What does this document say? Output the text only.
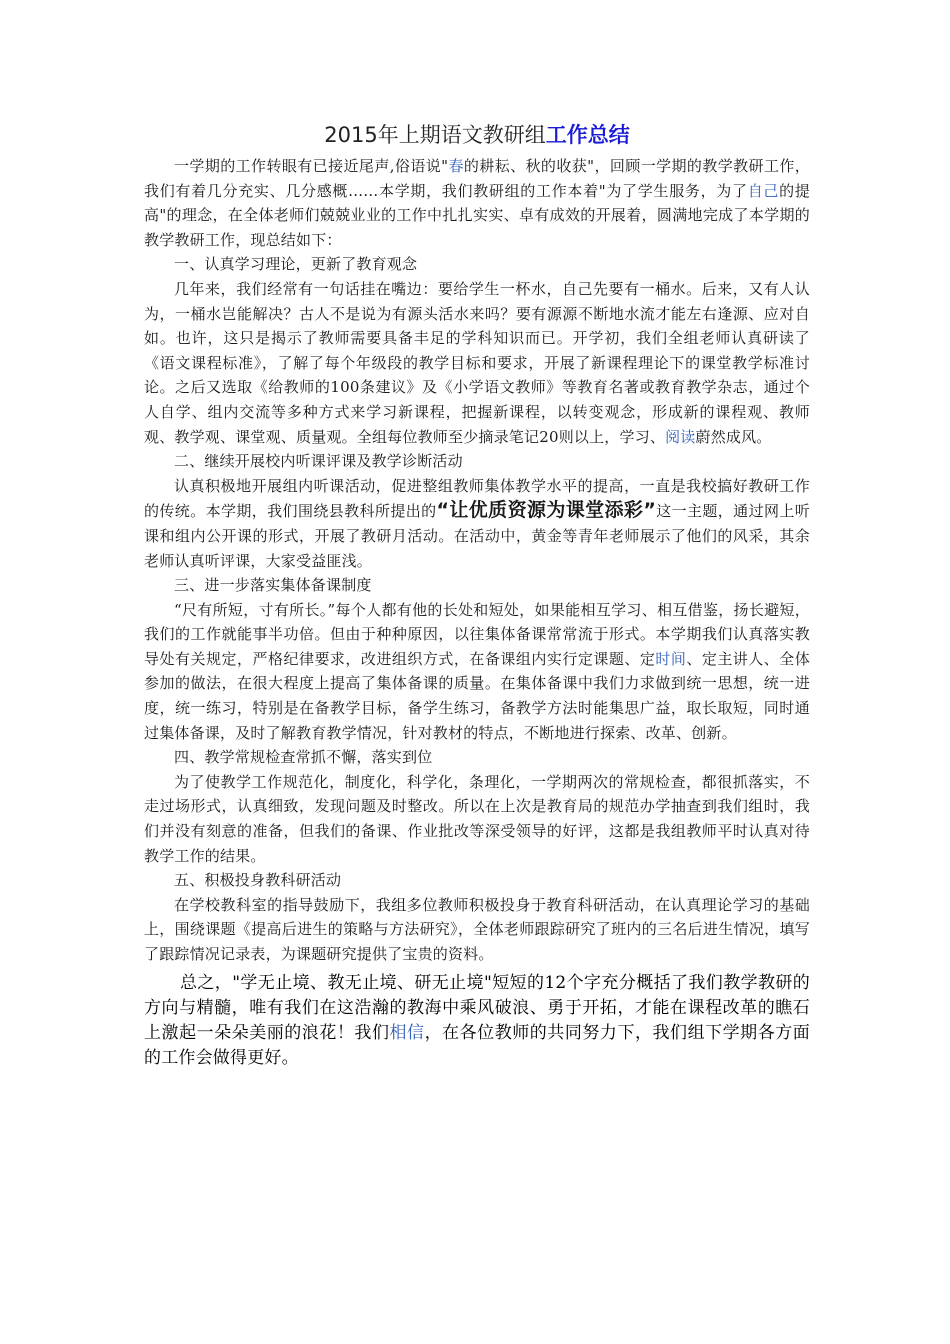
2015年上期语文教研组工作总结

一学期的工作转眼有已接近尾声,俗语说"春的耕耘、秋的收获"，回顾一学期的教学教研工作，我们有着几分充实、几分感概……本学期，我们教研组的工作本着"为了学生服务，为了自己的提高"的理念，在全体老师们兢兢业业的工作中扎扎实实、卓有成效的开展着，圆满地完成了本学期的教学教研工作，现总结如下：

一、认真学习理论，更新了教育观念

几年来，我们经常有一句话挂在嘴边：要给学生一杯水，自己先要有一桶水。后来，又有人认为，一桶水岂能解决？古人不是说为有源头活水来吗？要有源源不断地水流才能左右逢源、应对自如。也许，这只是揭示了教师需要具备丰足的学科知识而已。开学初，我们全组老师认真研读了《语文课程标准》，了解了每个年级段的教学目标和要求，开展了新课程理论下的课堂教学标准讨论。之后又选取《给教师的100条建议》及《小学语文教师》等教育名著或教育教学杂志，通过个人自学、组内交流等多种方式来学习新课程，把握新课程，以转变观念，形成新的课程观、教师观、教学观、课堂观、质量观。全组每位教师至少摘录笔记20则以上，学习、阅读蔚然成风。

二、继续开展校内听课评课及教学诊断活动

认真积极地开展组内听课活动，促进整组教师集体教学水平的提高，一直是我校搞好教研工作的传统。本学期，我们围绕县教科所提出的“让优质资源为课堂添彩”这一主题，通过网上听课和组内公开课的形式，开展了教研月活动。在活动中，黄金等青年老师展示了他们的风采，其余老师认真听评课，大家受益匪浅。

三、进一步落实集体备课制度

“尺有所短，寸有所长。”每个人都有他的长处和短处，如果能相互学习、相互借鉴，扬长避短，我们的工作就能事半功倍。但由于种种原因，以往集体备课常常流于形式。本学期我们认真落实教导处有关规定，严格纪律要求，改进组织方式，在备课组内实行定课题、定时间、定主讲人、全体参加的做法，在很大程度上提高了集体备课的质量。在集体备课中我们力求做到统一思想，统一进度，统一练习，特别是在备教学目标，备学生练习，备教学方法时能集思广益，取长取短，同时通过集体备课，及时了解教育教学情况，针对教材的特点，不断地进行探索、改革、创新。

四、教学常规检查常抓不懈，落实到位

为了使教学工作规范化，制度化，科学化，条理化，一学期两次的常规检查，都很抓落实，不走过场形式，认真细致，发现问题及时整改。所以在上次是教育局的规范办学抽查到我们组时，我们并没有刻意的准备，但我们的备课、作业批改等深受领导的好评，这都是我组教师平时认真对待教学工作的结果。

五、积极投身教科研活动

在学校教科室的指导鼓励下，我组多位教师积极投身于教育科研活动，在认真理论学习的基础上，围绕课题《提高后进生的策略与方法研究》，全体老师跟踪研究了班内的三名后进生情况，填写了跟踪情况记录表，为课题研究提供了宝贵的资料。

总之，"学无止境、教无止境、研无止境"短短的12个字充分概括了我们教学教研的方向与精髓，唯有我们在这浩瀚的教海中乘风破浪、勇于开拓，才能在课程改革的瞧石上激起一朵朵美丽的浪花！我们相信，在各位教师的共同努力下，我们组下学期各方面的工作会做得更好。
